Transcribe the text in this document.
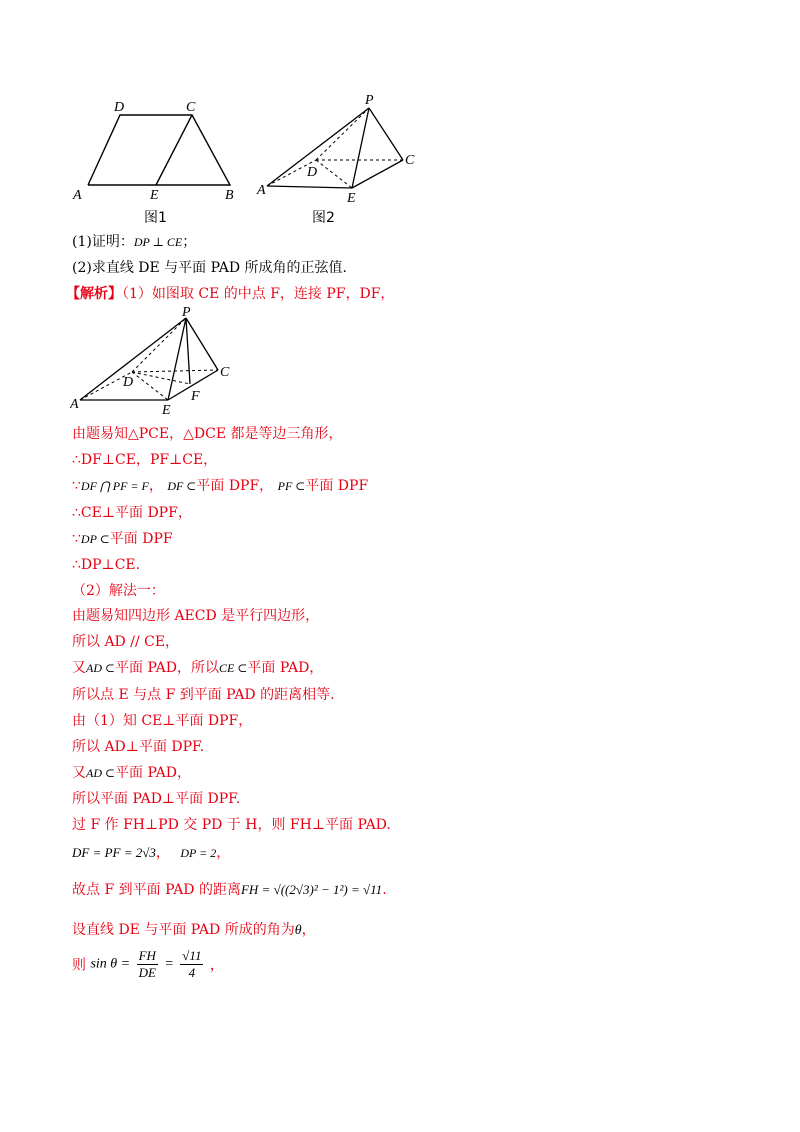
D	C
A	E	B
图1
P
C
D
A
E
图2
(1)证明：DP ⊥ CE；
(2)求直线 DE 与平面 PAD 所成角的正弦值.
【解析】（1）如图取 CE 的中点 F，连接 PF，DF，
P
C
D
A	E
F
由题易知△PCE，△DCE 都是等边三角形，
∴DF⊥CE，PF⊥CE，
∵DF ⋂ PF = F， DF ⊂平面 DPF， PF ⊂平面 DPF
∴CE⊥平面 DPF，
∵DP ⊂平面 DPF
∴DP⊥CE.
（2）解法一：
由题易知四边形 AECD 是平行四边形，
所以 AD // CE，
又AD ⊂平面 PAD，所以CE ⊂平面 PAD，
所以点 E 与点 F 到平面 PAD 的距离相等.
由（1）知 CE⊥平面 DPF，
所以 AD⊥平面 DPF.
又AD ⊂平面 PAD，
所以平面 PAD⊥平面 DPF.
过 F 作 FH⊥PD 交 PD 于 H，则 FH⊥平面 PAD.
DF = PF = 2√3， DP = 2，
故点 F 到平面 PAD 的距离FH = √((2√3)² − 1²) = √11.
设直线 DE 与平面 PAD 所成的角为θ，
则 $\sin \theta = \frac{FH}{DE} = \frac{√11}{4}$ ，
